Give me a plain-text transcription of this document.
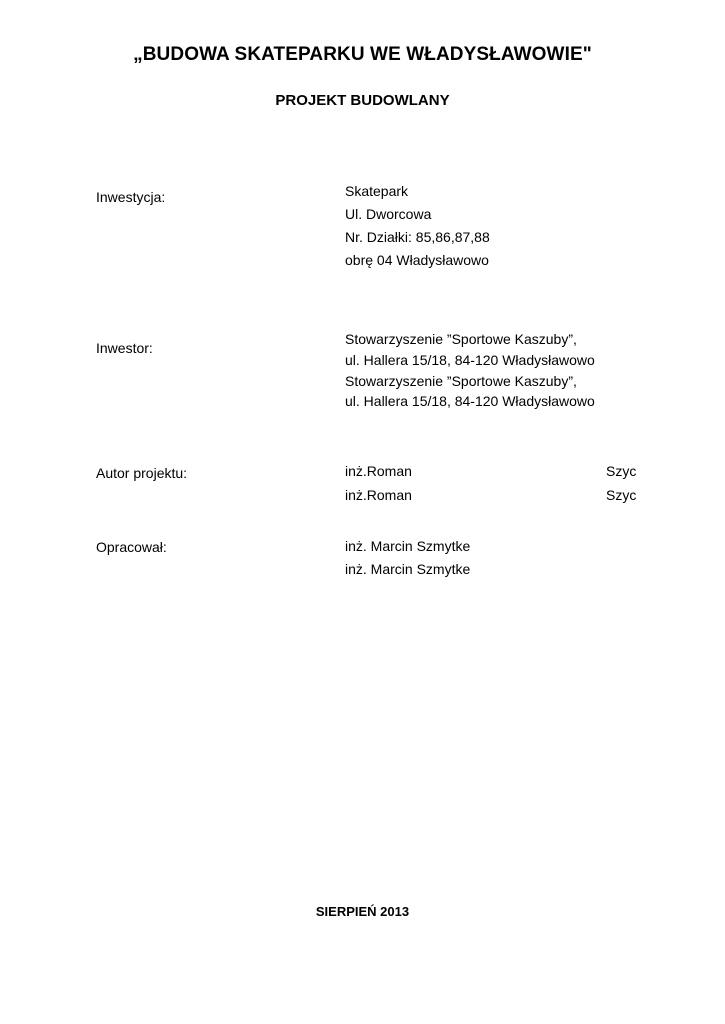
„BUDOWA SKATEPARKU WE WŁADYSŁAWOWIE"
PROJEKT BUDOWLANY
Inwestycja:	Skatepark
Ul. Dworcowa
Nr. Działki: 85,86,87,88
obrę 04 Władysławowo
Inwestor:
Stowarzyszenie ”Sportowe Kaszuby”,
ul. Hallera 15/18, 84-120 Władysławowo
Stowarzyszenie ”Sportowe Kaszuby”,
ul. Hallera 15/18, 84-120 Władysławowo
Autor projektu:	inż.Roman	Szyc
inż.Roman	Szyc
Opracował:	inż. Marcin Szmytke
inż. Marcin Szmytke
SIERPIEŃ 2013
